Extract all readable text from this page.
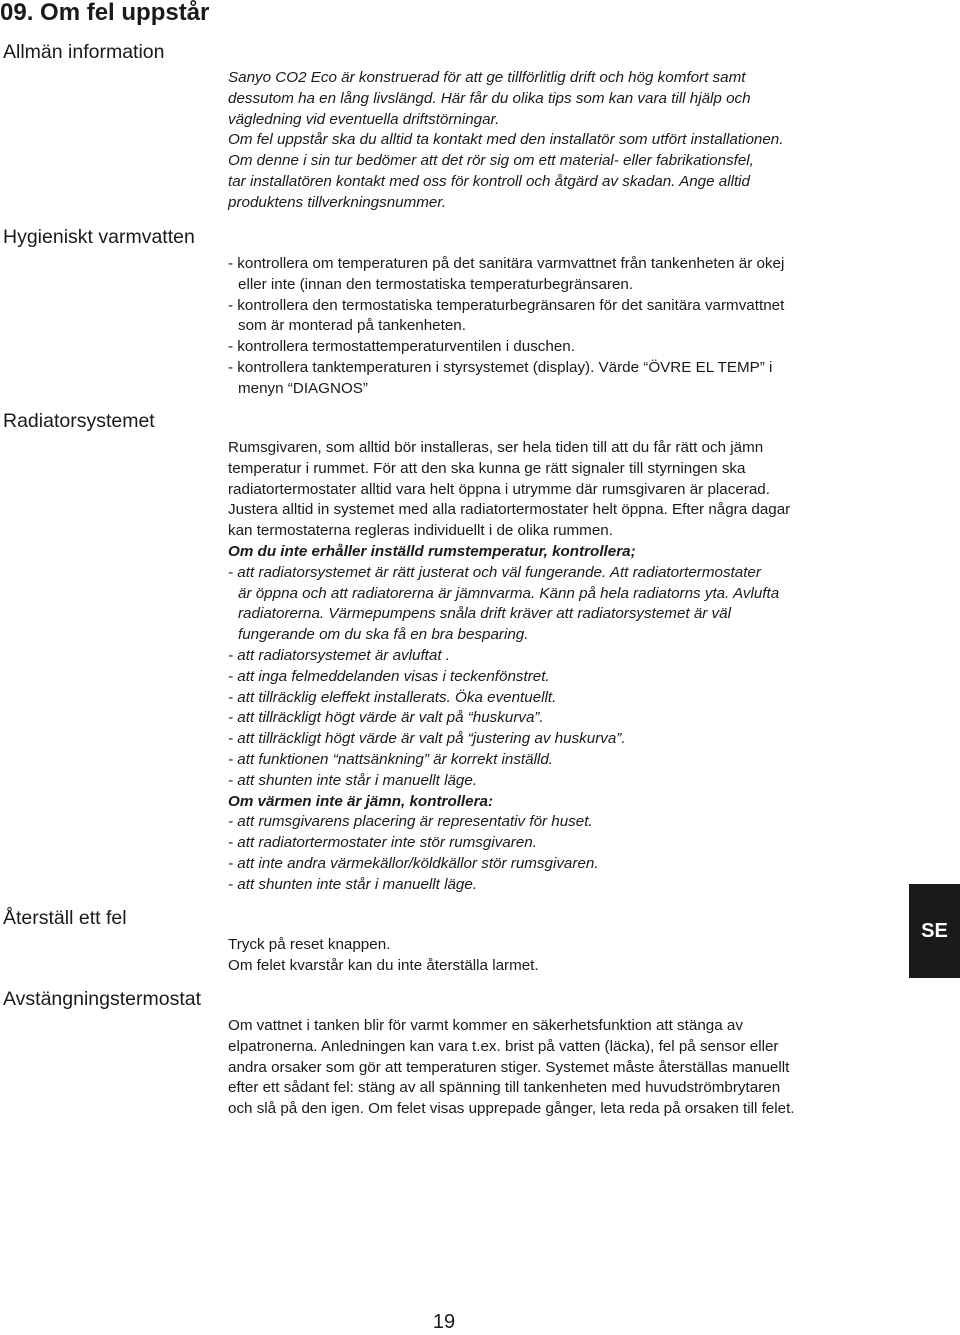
09. Om fel uppstår
Allmän information
Hygieniskt varmvatten
Radiatorsystemet
Återställ ett fel
Avstängningstermostat
Sanyo CO2 Eco är konstruerad för att ge tillförlitlig drift och hög komfort samt
dessutom ha en lång livslängd. Här får du olika tips som kan vara till hjälp och
vägledning vid eventuella driftstörningar.
Om fel uppstår ska du alltid ta kontakt med den installatör som utfört installationen.
Om denne i sin tur bedömer att det rör sig om ett material- eller fabrikationsfel,
tar installatören kontakt med oss för kontroll och åtgärd av skadan. Ange alltid
produktens tillverkningsnummer.
- kontrollera om temperaturen på det sanitära varmvattnet från tankenheten är okej
eller inte (innan den termostatiska temperaturbegränsaren.
- kontrollera den termostatiska temperaturbegränsaren för det sanitära varmvattnet
som är monterad på tankenheten.
- kontrollera termostattemperaturventilen i duschen.
- kontrollera tanktemperaturen i styrsystemet (display). Värde “ÖVRE EL TEMP” i
menyn “DIAGNOS”
Rumsgivaren, som alltid bör installeras, ser hela tiden till att du får rätt och jämn
temperatur i rummet. För att den ska kunna ge rätt signaler till styrningen ska
radiatortermostater alltid vara helt öppna i utrymme där rumsgivaren är placerad.
Justera alltid in systemet med alla radiatortermostater helt öppna. Efter några dagar
kan termostaterna regleras individuellt i de olika rummen.
Om du inte erhåller inställd rumstemperatur, kontrollera;
- att radiatorsystemet är rätt justerat och väl fungerande. Att radiatortermostater
är öppna och att radiatorerna är jämnvarma. Känn på hela radiatorns yta. Avlufta
radiatorerna. Värmepumpens snåla drift kräver att radiatorsystemet är väl
fungerande om du ska få en bra besparing.
- att radiatorsystemet är avluftat .
- att inga felmeddelanden visas i teckenfönstret.
- att tillräcklig eleffekt installerats. Öka eventuellt.
- att tillräckligt högt värde är valt på “huskurva”.
- att tillräckligt högt värde är valt på “justering av huskurva”.
- att funktionen “nattsänkning” är korrekt inställd.
- att shunten inte står i manuellt läge.
Om värmen inte är jämn, kontrollera:
- att rumsgivarens placering är representativ för huset.
- att radiatortermostater inte stör rumsgivaren.
- att inte andra värmekällor/köldkällor stör rumsgivaren.
- att shunten inte står i manuellt läge.
Tryck på reset knappen.
Om felet kvarstår kan du inte återställa larmet.
Om vattnet i tanken blir för varmt kommer en säkerhetsfunktion att stänga av
elpatronerna. Anledningen kan vara t.ex. brist på vatten (läcka), fel på sensor eller
andra orsaker som gör att temperaturen stiger. Systemet måste återställas manuellt
efter ett sådant fel: stäng av all spänning till tankenheten med huvudströmbrytaren
och slå på den igen. Om felet visas upprepade gånger, leta reda på orsaken till felet.
SE
19
